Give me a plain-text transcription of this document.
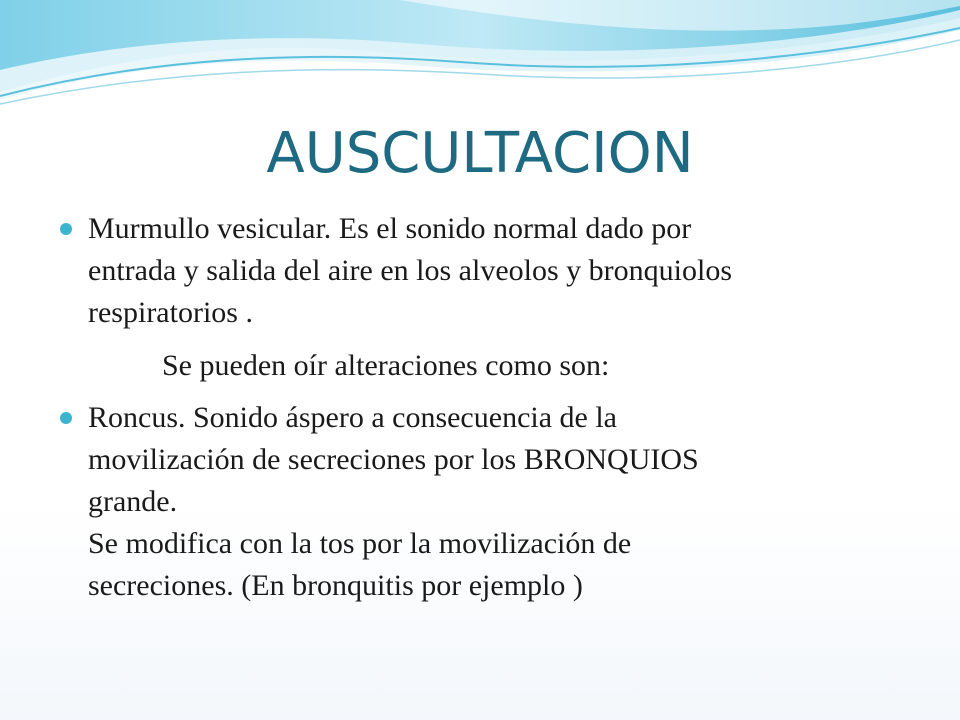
AUSCULTACION
Murmullo vesicular. Es el sonido normal dado por
entrada y salida del aire en los alveolos y bronquiolos
respiratorios .
Se pueden oír alteraciones como son:
Roncus. Sonido áspero a consecuencia de la
movilización de secreciones por los BRONQUIOS
grande.
Se modifica con la tos por la movilización de
secreciones. (En bronquitis por ejemplo )
